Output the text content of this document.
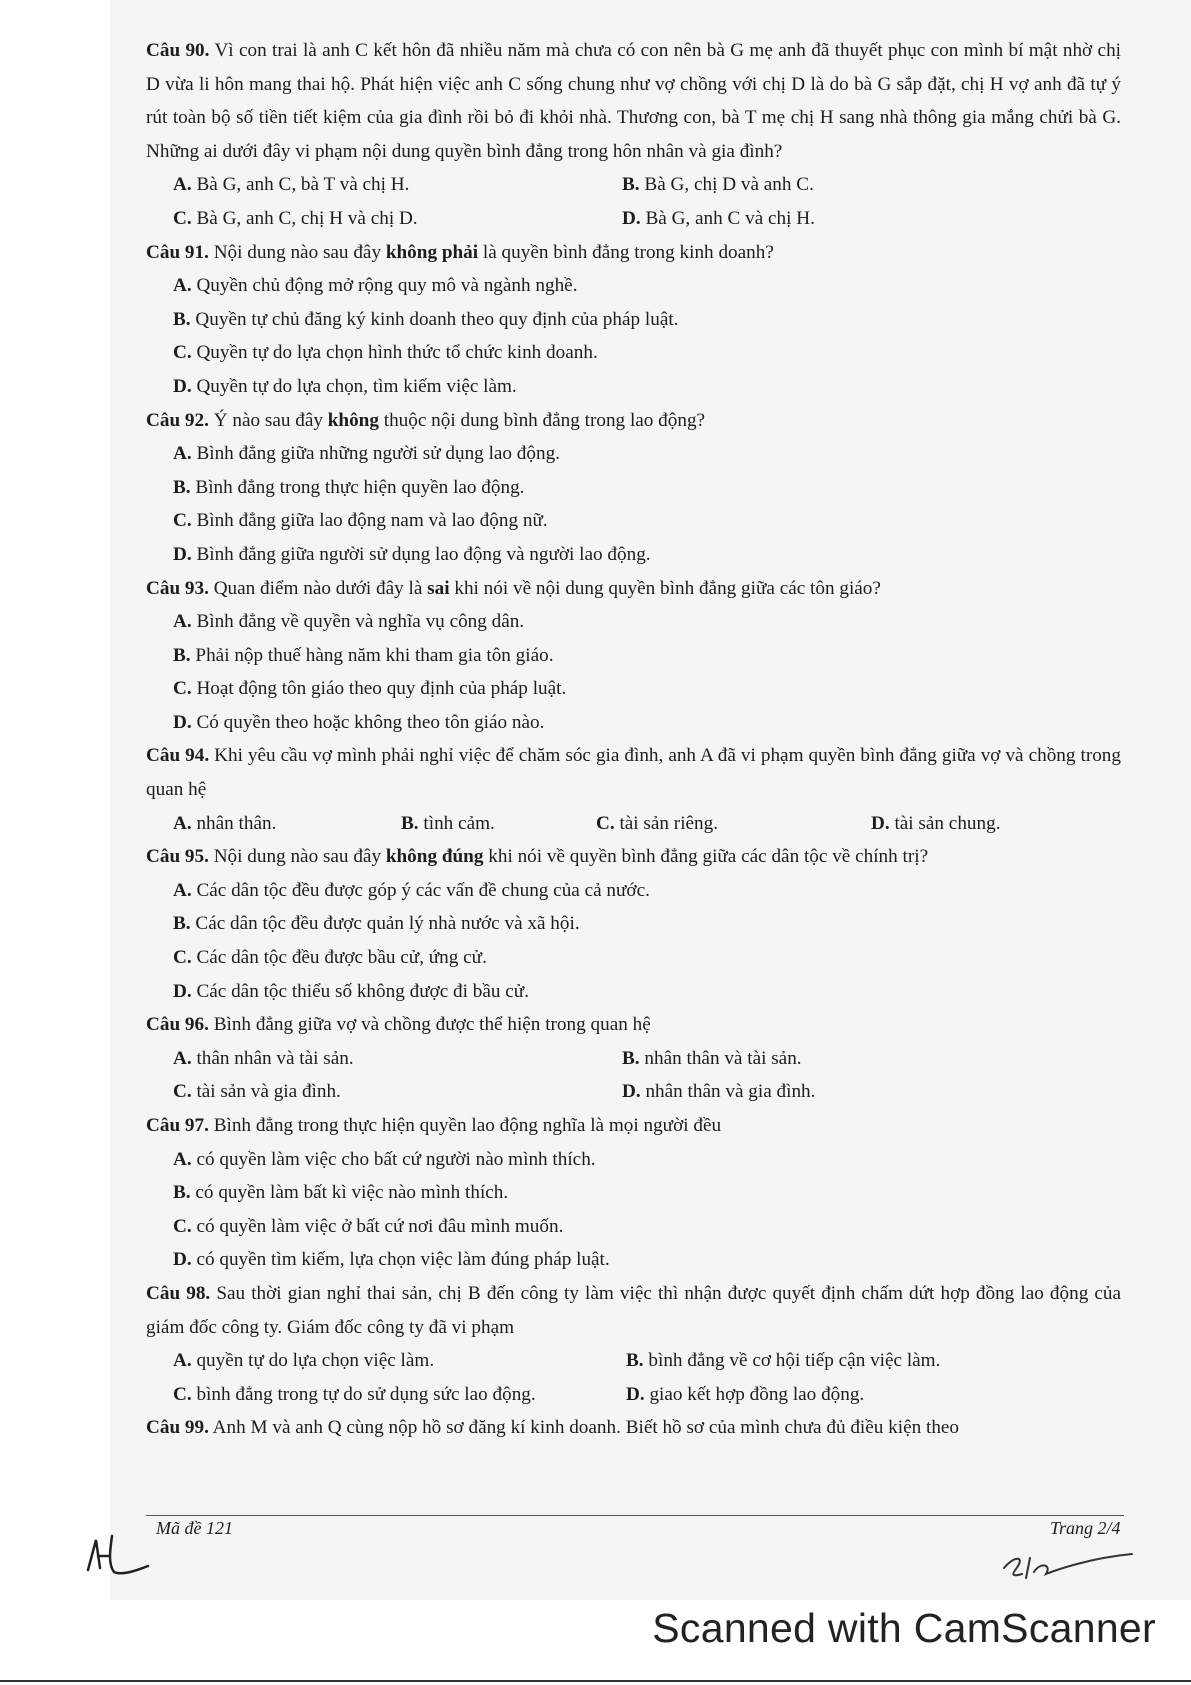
Câu 90. Vì con trai là anh C kết hôn đã nhiều năm mà chưa có con nên bà G mẹ anh đã thuyết phục con mình bí mật nhờ chị D vừa li hôn mang thai hộ. Phát hiện việc anh C sống chung như vợ chồng với chị D là do bà G sắp đặt, chị H vợ anh đã tự ý rút toàn bộ số tiền tiết kiệm của gia đình rồi bỏ đi khỏi nhà. Thương con, bà T mẹ chị H sang nhà thông gia mắng chửi bà G. Những ai dưới đây vi phạm nội dung quyền bình đẳng trong hôn nhân và gia đình?
A. Bà G, anh C, bà T và chị H.	B. Bà G, chị D và anh C.
C. Bà G, anh C, chị H và chị D.	D. Bà G, anh C và chị H.
Câu 91. Nội dung nào sau đây không phải là quyền bình đẳng trong kinh doanh?
A. Quyền chủ động mở rộng quy mô và ngành nghề.
B. Quyền tự chủ đăng ký kinh doanh theo quy định của pháp luật.
C. Quyền tự do lựa chọn hình thức tổ chức kinh doanh.
D. Quyền tự do lựa chọn, tìm kiếm việc làm.
Câu 92. Ý nào sau đây không thuộc nội dung bình đẳng trong lao động?
A. Bình đẳng giữa những người sử dụng lao động.
B. Bình đẳng trong thực hiện quyền lao động.
C. Bình đẳng giữa lao động nam và lao động nữ.
D. Bình đẳng giữa người sử dụng lao động và người lao động.
Câu 93. Quan điểm nào dưới đây là sai khi nói về nội dung quyền bình đẳng giữa các tôn giáo?
A. Bình đẳng về quyền và nghĩa vụ công dân.
B. Phải nộp thuế hàng năm khi tham gia tôn giáo.
C. Hoạt động tôn giáo theo quy định của pháp luật.
D. Có quyền theo hoặc không theo tôn giáo nào.
Câu 94. Khi yêu cầu vợ mình phải nghỉ việc để chăm sóc gia đình, anh A đã vi phạm quyền bình đẳng giữa vợ và chồng trong quan hệ
A. nhân thân.	B. tình cảm.	C. tài sản riêng.	D. tài sản chung.
Câu 95. Nội dung nào sau đây không đúng khi nói về quyền bình đẳng giữa các dân tộc về chính trị?
A. Các dân tộc đều được góp ý các vấn đề chung của cả nước.
B. Các dân tộc đều được quản lý nhà nước và xã hội.
C. Các dân tộc đều được bầu cử, ứng cử.
D. Các dân tộc thiểu số không được đi bầu cử.
Câu 96. Bình đẳng giữa vợ và chồng được thể hiện trong quan hệ
A. thân nhân và tài sản.	B. nhân thân và tài sản.
C. tài sản và gia đình.	D. nhân thân và gia đình.
Câu 97. Bình đẳng trong thực hiện quyền lao động nghĩa là mọi người đều
A. có quyền làm việc cho bất cứ người nào mình thích.
B. có quyền làm bất kì việc nào mình thích.
C. có quyền làm việc ở bất cứ nơi đâu mình muốn.
D. có quyền tìm kiếm, lựa chọn việc làm đúng pháp luật.
Câu 98. Sau thời gian nghỉ thai sản, chị B đến công ty làm việc thì nhận được quyết định chấm dứt hợp đồng lao động của giám đốc công ty. Giám đốc công ty đã vi phạm
A. quyền tự do lựa chọn việc làm.	B. bình đẳng về cơ hội tiếp cận việc làm.
C. bình đẳng trong tự do sử dụng sức lao động.	D. giao kết hợp đồng lao động.
Câu 99. Anh M và anh Q cùng nộp hồ sơ đăng kí kinh doanh. Biết hồ sơ của mình chưa đủ điều kiện theo
Mã đề 121	Trang 2/4
Scanned with CamScanner
